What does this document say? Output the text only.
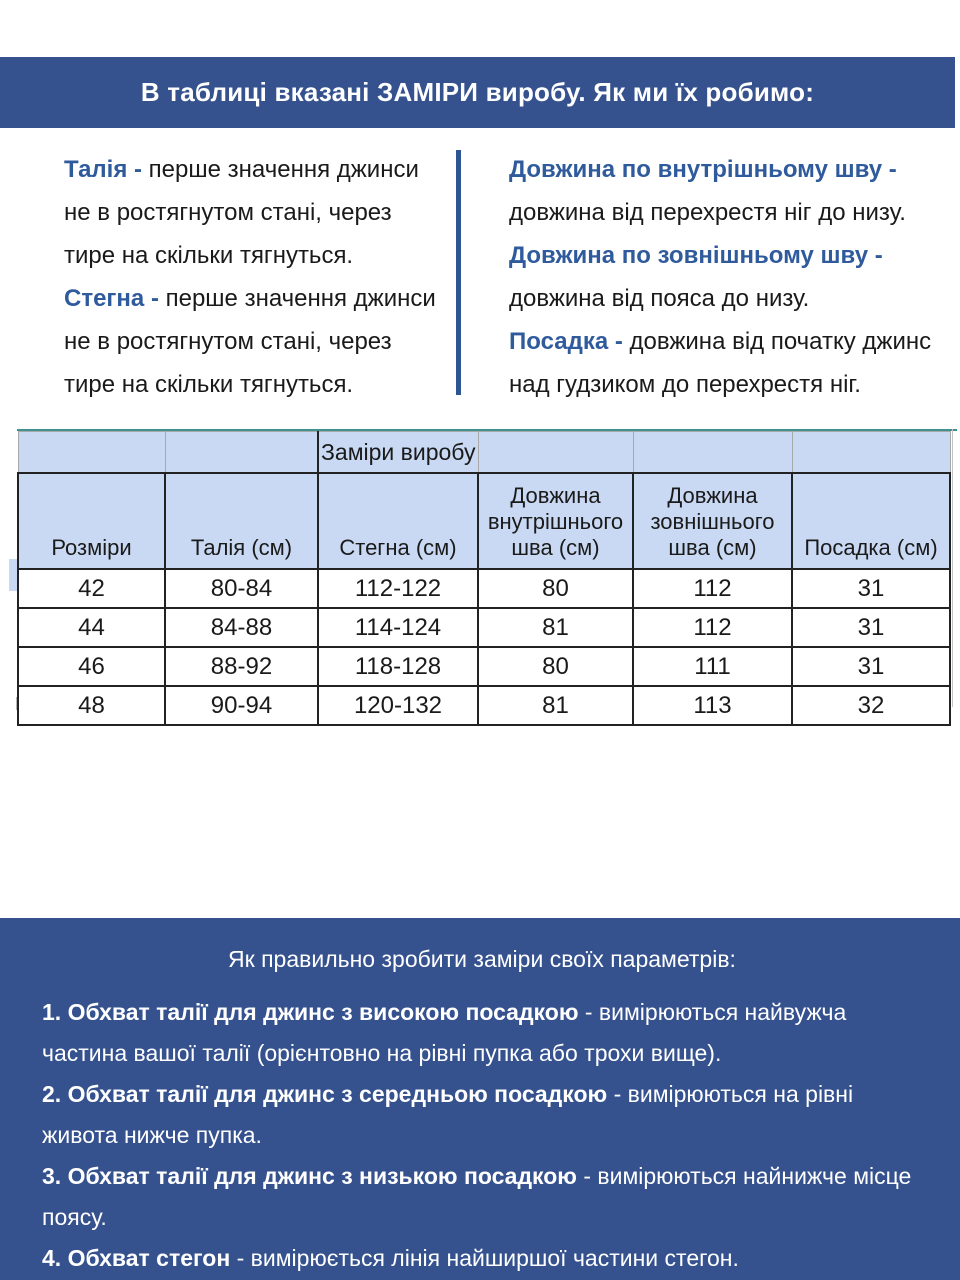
В таблиці вказані ЗАМІРИ виробу. Як ми їх робимо:

Талія - перше значення джинси не в ростягнутом стані, через тире на скільки тягнуться.

Стегна - перше значення джинси не в ростягнутом стані, через тире на скільки тягнуться.

Довжина по внутрішньому шву - довжина від перехрестя ніг до низу.

Довжина по зовнішньому шву - довжина від пояса до низу.

Посадка - довжина від початку джинс над гудзиком до перехрестя ніг.

		Заміри виробу			
Розміри	Талія (см)	Стегна (см)	Довжина внутрішнього шва (см)	Довжина зовнішнього шва (см)	Посадка (см)
42	80-84	112-122	80	112	31
44	84-88	114-124	81	112	31
46	88-92	118-128	80	111	31
48	90-94	120-132	81	113	32

Як правильно зробити заміри своїх параметрів:

1. Обхват талії для джинс з високою посадкою - вимірюються найвужча частина вашої талії (орієнтовно на рівні пупка або трохи вище).

2. Обхват талії для джинс з середньою посадкою - вимірюються на рівні живота нижче пупка.

3. Обхват талії для джинс з низькою посадкою - вимірюються найнижче місце поясу.

4. Обхват стегон - вимірюється лінія найширшої частини стегон.
